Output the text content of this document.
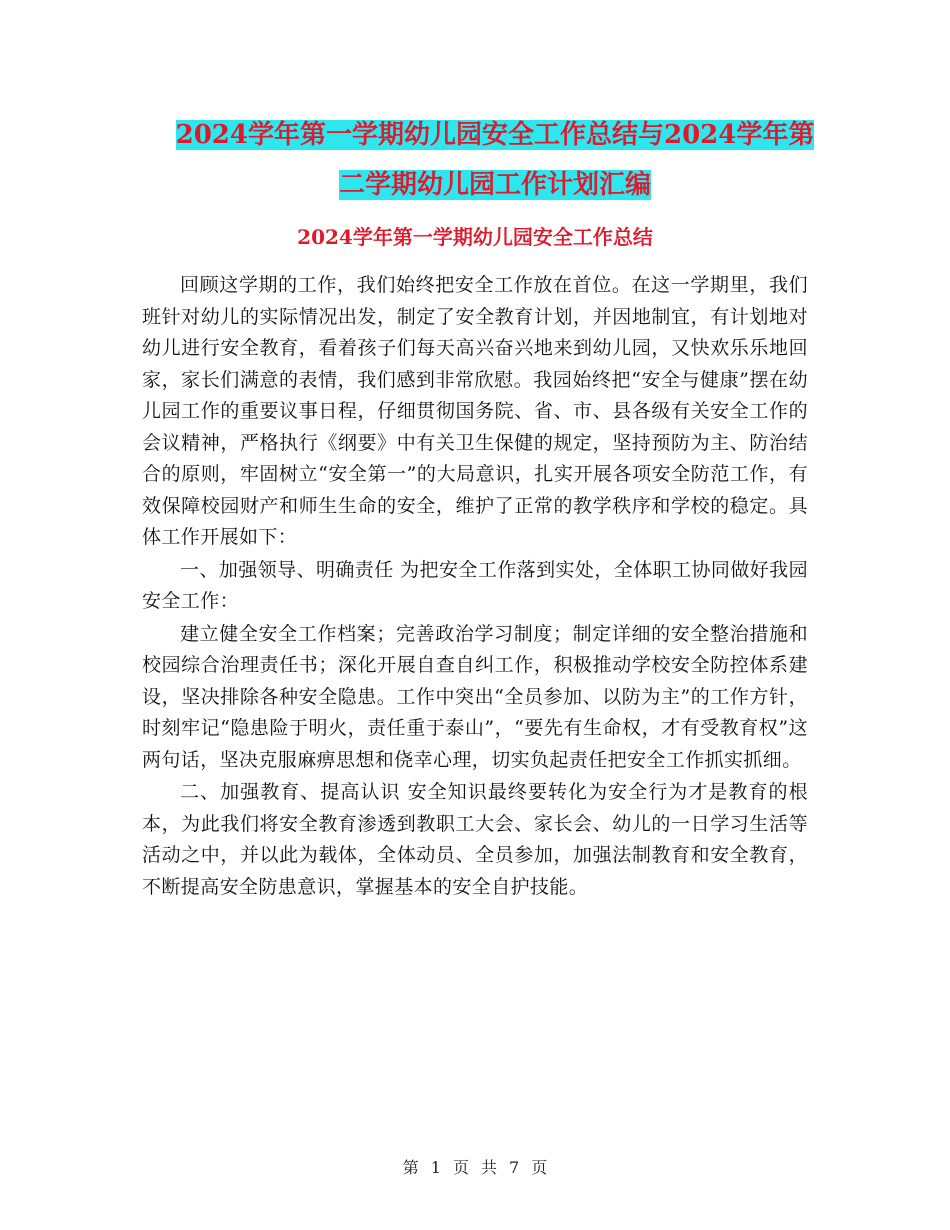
2024学年第一学期幼儿园安全工作总结与2024学年第
二学期幼儿园工作计划汇编
2024学年第一学期幼儿园安全工作总结

回顾这学期的工作，我们始终把安全工作放在首位。在这一学期里，我们班针对幼儿的实际情况出发，制定了安全教育计划，并因地制宜，有计划地对幼儿进行安全教育，看着孩子们每天高兴奋兴地来到幼儿园，又快欢乐乐地回家，家长们满意的表情，我们感到非常欣慰。我园始终把“安全与健康”摆在幼儿园工作的重要议事日程，仔细贯彻国务院、省、市、县各级有关安全工作的会议精神，严格执行《纲要》中有关卫生保健的规定，坚持预防为主、防治结合的原则，牢固树立“安全第一”的大局意识，扎实开展各项安全防范工作，有效保障校园财产和师生生命的安全，维护了正常的教学秩序和学校的稳定。具体工作开展如下：

一、加强领导、明确责任 为把安全工作落到实处，全体职工协同做好我园安全工作：

建立健全安全工作档案；完善政治学习制度；制定详细的安全整治措施和校园综合治理责任书；深化开展自查自纠工作，积极推动学校安全防控体系建设，坚决排除各种安全隐患。工作中突出“全员参加、以防为主”的工作方针，时刻牢记“隐患险于明火，责任重于泰山”，“要先有生命权，才有受教育权”这两句话，坚决克服麻痹思想和侥幸心理，切实负起责任把安全工作抓实抓细。

二、加强教育、提高认识 安全知识最终要转化为安全行为才是教育的根本，为此我们将安全教育渗透到教职工大会、家长会、幼儿的一日学习生活等活动之中，并以此为载体，全体动员、全员参加，加强法制教育和安全教育，不断提高安全防患意识，掌握基本的安全自护技能。

第 1 页 共 7 页
